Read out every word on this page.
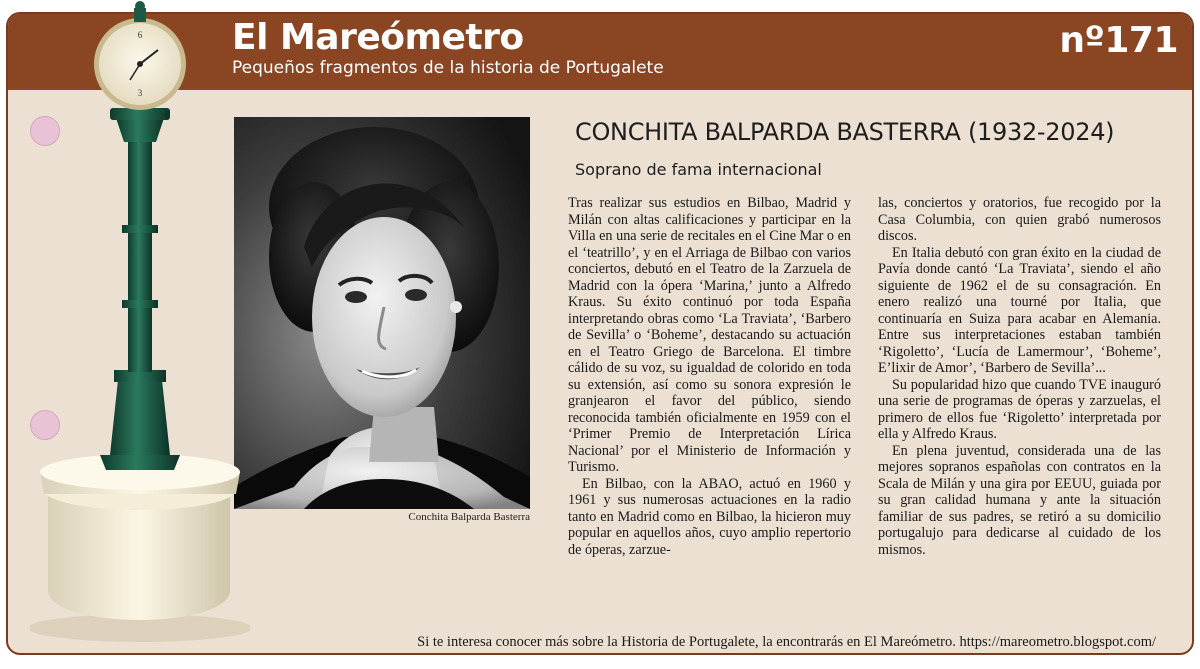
El Mareómetro
Pequeños fragmentos de la historia de Portugalete
nº171
Conchita Balparda Basterra
CONCHITA BALPARDA BASTERRA (1932-2024)
Soprano de fama internacional

Tras realizar sus estudios en Bilbao, Madrid y Milán con altas calificaciones y participar en la Villa en una serie de recitales en el Cine Mar o en el ‘teatrillo’, y en el Arriaga de Bilbao con varios conciertos, debutó en el Teatro de la Zarzuela de Madrid con la ópera ‘Marina,’ junto a Alfredo Kraus. Su éxito continuó por toda España interpretando obras como ‘La Traviata’, ‘Barbero de Sevilla’ o ‘Boheme’, destacando su actuación en el Teatro Griego de Barcelona. El timbre cálido de su voz, su igualdad de colorido en toda su extensión, así como su sonora expresión le granjearon el favor del público, siendo reconocida también oficialmente en 1959 con el ‘Primer Premio de Interpretación Lírica Nacional’ por el Ministerio de Información y Turismo.

En Bilbao, con la ABAO, actuó en 1960 y 1961 y sus numerosas actuaciones en la radio tanto en Madrid como en Bilbao, la hicieron muy popular en aquellos años, cuyo amplio repertorio de óperas, zarzue-

las, conciertos y oratorios, fue recogido por la Casa Columbia, con quien grabó numerosos discos.

En Italia debutó con gran éxito en la ciudad de Pavía donde cantó ‘La Traviata’, siendo el año siguiente de 1962 el de su consagración. En enero realizó una tourné por Italia, que continuaría en Suiza para acabar en Alemania. Entre sus interpretaciones estaban también ‘Rigoletto’, ‘Lucía de Lamermour’, ‘Boheme’, E’lixir de Amor’, ‘Barbero de Sevilla’...

Su popularidad hizo que cuando TVE inauguró una serie de programas de óperas y zarzuelas, el primero de ellos fue ‘Rigoletto’ interpretada por ella y Alfredo Kraus.

En plena juventud, considerada una de las mejores sopranos españolas con contratos en la Scala de Milán y una gira por EEUU, guiada por su gran calidad humana y ante la situación familiar de sus padres, se retiró a su domicilio portugalujo para dedicarse al cuidado de los mismos.

Si te interesa conocer más sobre la Historia de Portugalete, la encontrarás en El Mareómetro. https://mareometro.blogspot.com/
6
3
